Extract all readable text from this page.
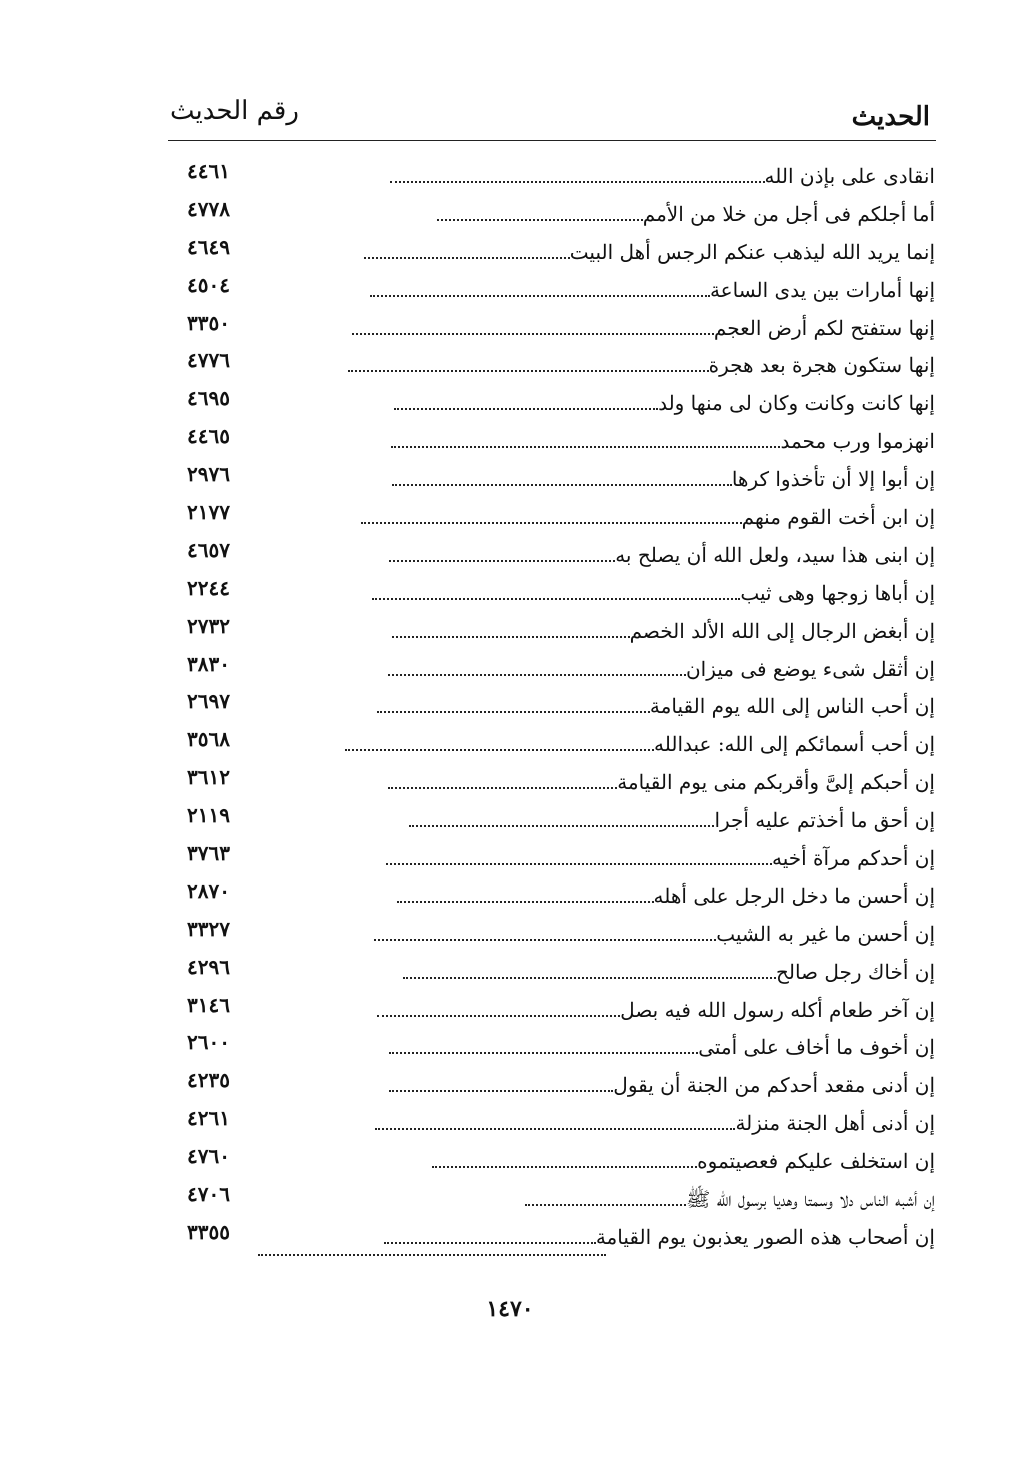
الحديث
رقم الحديث
٤٤٦١	انقادى على بإذن الله
٤٧٧٨	أما أجلكم فى أجل من خلا من الأمم
٤٦٤٩	إنما يريد الله ليذهب عنكم الرجس أهل البيت
٤٥٠٤	إنها أمارات بين يدى الساعة
٣٣٥٠	إنها ستفتح لكم أرض العجم
٤٧٧٦	إنها ستكون هجرة بعد هجرة
٤٦٩٥	إنها كانت وكانت وكان لى منها ولد
٤٤٦٥	انهزموا ورب محمد
٢٩٧٦	إن أبوا إلا أن تأخذوا كرها
٢١٧٧	إن ابن أخت القوم منهم
٤٦٥٧	إن ابنى هذا سيد، ولعل الله أن يصلح به
٢٢٤٤	إن أباها زوجها وهى ثيب
٢٧٣٢	إن أبغض الرجال إلى الله الألد الخصم
٣٨٣٠	إن أثقل شىء يوضع فى ميزان
٢٦٩٧	إن أحب الناس إلى الله يوم القيامة
٣٥٦٨	إن أحب أسمائكم إلى الله: عبدالله
٣٦١٢	إن أحبكم إلىَّ وأقربكم منى يوم القيامة
٢١١٩	إن أحق ما أخذتم عليه أجرا
٣٧٦٣	إن أحدكم مرآة أخيه
٢٨٧٠	إن أحسن ما دخل الرجل على أهله
٣٣٢٧	إن أحسن ما غير به الشيب
٤٢٩٦	إن أخاك رجل صالح
٣١٤٦	إن آخر طعام أكله رسول الله فيه بصل
٢٦٠٠	إن أخوف ما أخاف على أمتى
٤٢٣٥	إن أدنى مقعد أحدكم من الجنة أن يقول
٤٢٦١	إن أدنى أهل الجنة منزلة
٤٧٦٠	إن استخلف عليكم فعصيتموه
٤٧٠٦	إن أشبه الناس دلا وسمتا وهديا برسول الله ﷺ
٣٣٥٥	إن أصحاب هذه الصور يعذبون يوم القيامة
١٤٧٠
